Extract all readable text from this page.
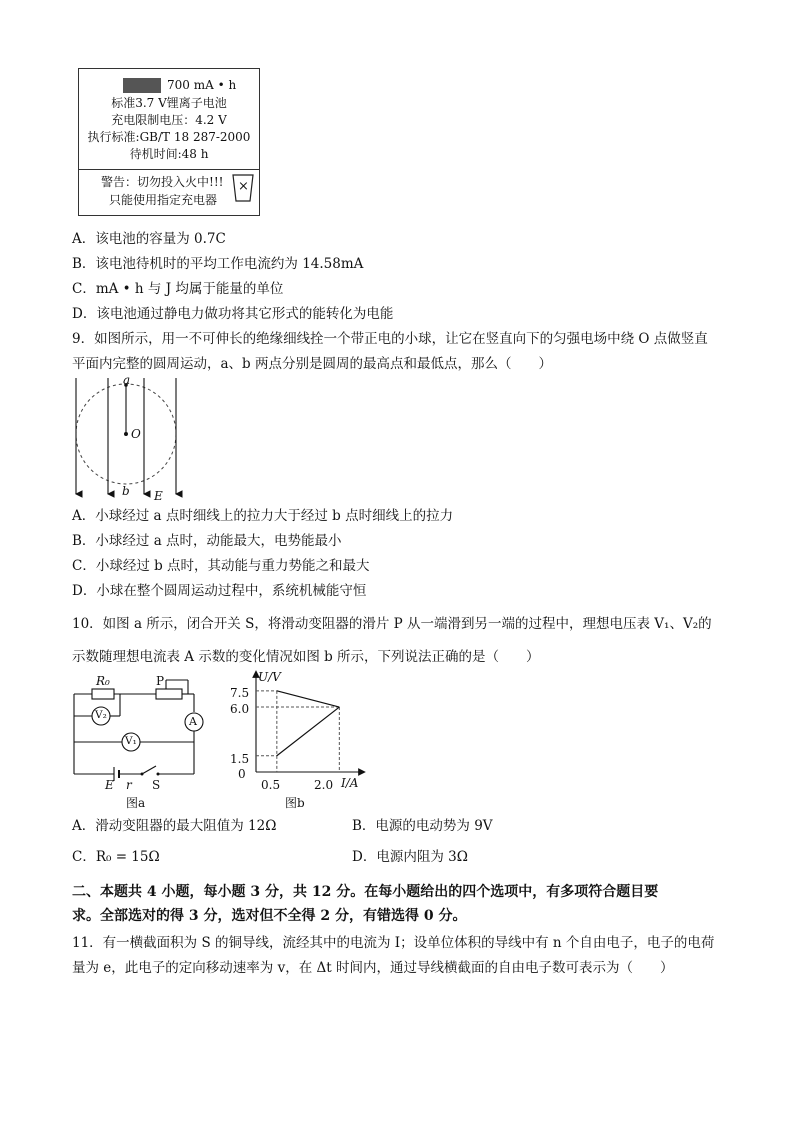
700 mA • h
标准3.7 V锂离子电池
充电限制电压：4.2 V
执行标准:GB/T 18 287-2000
待机时间:48 h
警告：切勿投入火中!!!
只能使用指定充电器
×
A．该电池的容量为 0.7C
B．该电池待机时的平均工作电流约为 14.58mA
C．mA • h 与 J 均属于能量的单位
D．该电池通过静电力做功将其它形式的能转化为电能
9．如图所示，用一不可伸长的绝缘细线拴一个带正电的小球，让它在竖直向下的匀强电场中绕 O 点做竖直
平面内完整的圆周运动，a、b 两点分别是圆周的最高点和最低点，那么（　　）
a
O
b E
A．小球经过 a 点时细线上的拉力大于经过 b 点时细线上的拉力
B．小球经过 a 点时，动能最大，电势能最小
C．小球经过 b 点时，其动能与重力势能之和最大
D．小球在整个圆周运动过程中，系统机械能守恒
10．如图 a 所示，闭合开关 S，将滑动变阻器的滑片 P 从一端滑到另一端的过程中，理想电压表 V₁、V₂的
示数随理想电流表 A 示数的变化情况如图 b 所示，下列说法正确的是（　　）
R₀	P
V₂	A
V₁
E r S
图a
U/V
I/A
7.5
6.0
1.5
0
0.5	2.0
图b
A．滑动变阻器的最大阻值为 12Ω	B．电源的电动势为 9V
C．R₀ = 15Ω	D．电源内阻为 3Ω
二、本题共 4 小题，每小题 3 分，共 12 分。在每小题给出的四个选项中，有多项符合题目要
求。全部选对的得 3 分，选对但不全得 2 分，有错选得 0 分。
11．有一横截面积为 S 的铜导线，流经其中的电流为 I；设单位体积的导线中有 n 个自由电子，电子的电荷
量为 e，此电子的定向移动速率为 v，在 Δt 时间内，通过导线横截面的自由电子数可表示为（　　）
